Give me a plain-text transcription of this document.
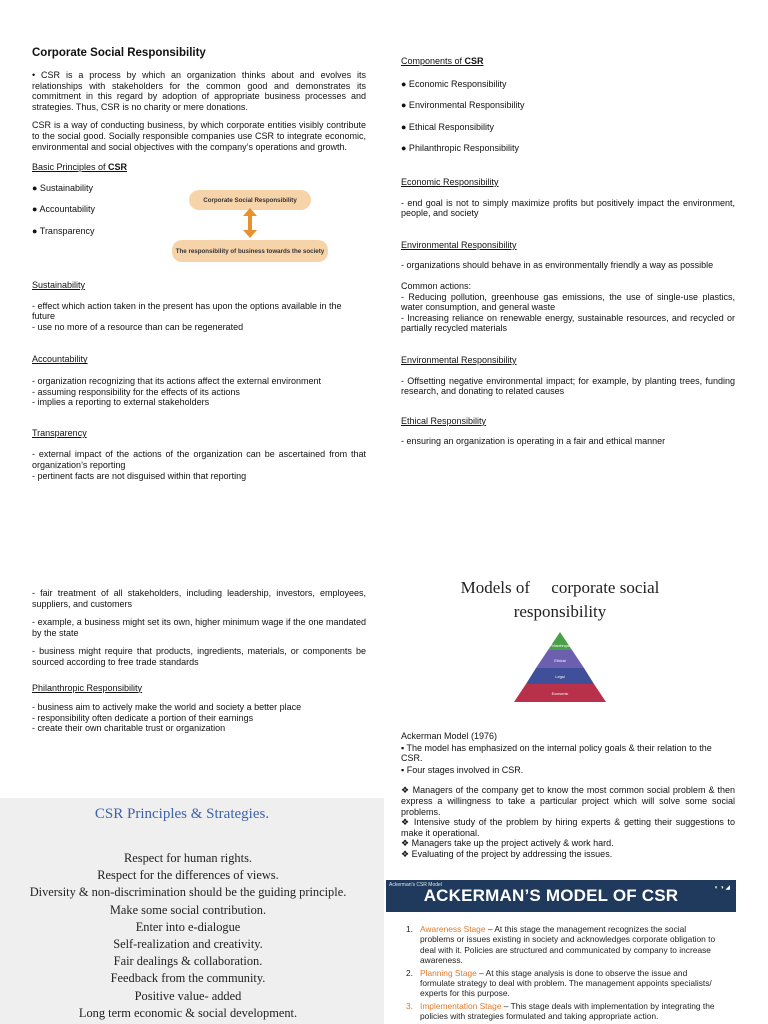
Corporate Social Responsibility

• CSR is a process by which an organization thinks about and evolves its relationships with stakeholders for the common good and demonstrates its commitment in this regard by adoption of appropriate business processes and strategies. Thus, CSR is no charity or mere donations.

CSR is a way of conducting business, by which corporate entities visibly contribute to the social good. Socially responsible companies use CSR to integrate economic, environmental and social objectives with the company’s operations and growth.

Basic Principles of CSR

● Sustainability

● Accountability

● Transparency

Corporate Social Responsibility
The responsibility of business towards the society

Sustainability

- effect which action taken in the present has upon the options available in the future

- use no more of a resource than can be regenerated

Accountability

- organization recognizing that its actions affect the external environment

- assuming responsibility for the effects of its actions

- implies a reporting to external stakeholders

Transparency

- external impact of the actions of the organization can be ascertained from that organization’s reporting

- pertinent facts are not disguised within that reporting

- fair treatment of all stakeholders, including leadership, investors, employees, suppliers, and customers

- example, a business might set its own, higher minimum wage if the one mandated by the state

- business might require that products, ingredients, materials, or components be sourced according to free trade standards

Philanthropic Responsibility

- business aim to actively make the world and society a better place

- responsibility often dedicate a portion of their earnings

- create their own charitable trust or organization

Components of CSR

● Economic Responsibility

● Environmental Responsibility

● Ethical Responsibility

● Philanthropic Responsibility

Economic Responsibility

- end goal is not to simply maximize profits but positively impact the environment, people, and society

Environmental Responsibility

- organizations should behave in as environmentally friendly a way as possible

Common actions:

- Reducing pollution, greenhouse gas emissions, the use of single-use plastics, water consumption, and general waste

- Increasing reliance on renewable energy, sustainable resources, and recycled or partially recycled materials

Environmental Responsibility

- Offsetting negative environmental impact; for example, by planting trees, funding research, and donating to related causes

Ethical Responsibility

- ensuring an organization is operating in a fair and ethical manner

Models of     corporate social
responsibility
Philanthropic
Ethical
Legal
Economic

Ackerman Model (1976)

▪ The model has emphasized on the internal policy goals & their relation to the CSR.

▪ Four stages involved in CSR.

❖ Managers of the company get to know the most common social problem & then express a willingness to take a particular project which will solve some social problems.

❖ Intensive study of the problem by hiring experts & getting their suggestions to make it operational.

❖ Managers take up the project actively & work hard.

❖ Evaluating of the project by addressing the issues.

CSR Principles & Strategies.
Respect for human rights.
Respect for the differences of views.
Diversity & non-discrimination should be the guiding principle.
Make some social contribution.
Enter into e-dialogue
Self-realization and creativity.
Fair dealings & collaboration.
Feedback from the community.
Positive value- added
Long term economic & social development.
Ackerman's CSR Model
ACKERMAN’S MODEL OF CSR	◐ ◑ ◢
1. Awareness Stage – At this stage the management recognizes the social problems or issues existing in society and acknowledges corporate obligation to deal with it. Policies are structured and communicated by company to increase awareness.
2. Planning Stage – At this stage analysis is done to observe the issue and formulate strategy to deal with problem. The management appoints specialists/ experts for this purpose.
3. Implementation Stage – This stage deals with implementation by integrating the policies with strategies formulated and taking appropriate action.
